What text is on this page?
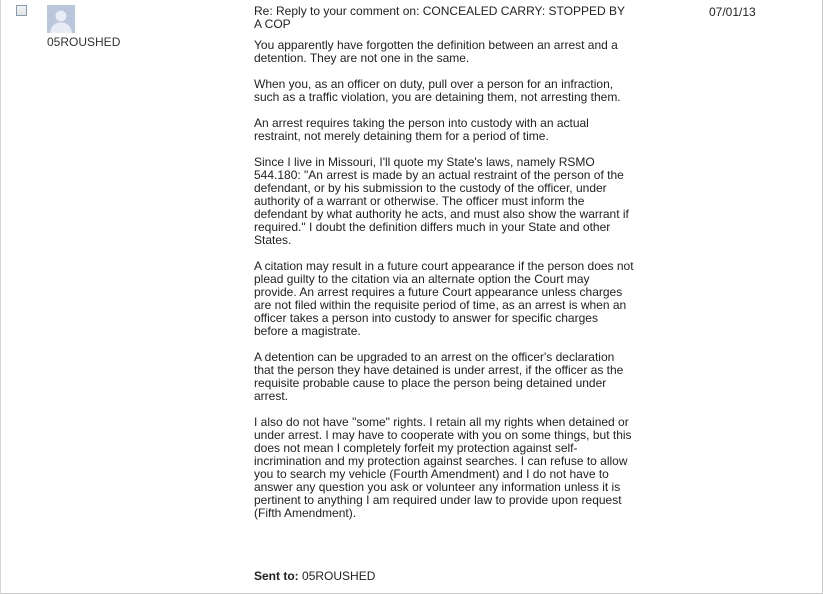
05ROUSHED
Re: Reply to your comment on: CONCEALED CARRY: STOPPED BY A COP
07/01/13

You apparently have forgotten the definition between an arrest and a detention. They are not one in the same.

When you, as an officer on duty, pull over a person for an infraction, such as a traffic violation, you are detaining them, not arresting them.

An arrest requires taking the person into custody with an actual restraint, not merely detaining them for a period of time.

Since I live in Missouri, I'll quote my State's laws, namely RSMO 544.180: "An arrest is made by an actual restraint of the person of the defendant, or by his submission to the custody of the officer, under authority of a warrant or otherwise. The officer must inform the defendant by what authority he acts, and must also show the warrant if required." I doubt the definition differs much in your State and other States.

A citation may result in a future court appearance if the person does not plead guilty to the citation via an alternate option the Court may provide. An arrest requires a future Court appearance unless charges are not filed within the requisite period of time, as an arrest is when an officer takes a person into custody to answer for specific charges before a magistrate.

A detention can be upgraded to an arrest on the officer's declaration that the person they have detained is under arrest, if the officer as the requisite probable cause to place the person being detained under arrest.

I also do not have "some" rights. I retain all my rights when detained or under arrest. I may have to cooperate with you on some things, but this does not mean I completely forfeit my protection against self-incrimination and my protection against searches. I can refuse to allow you to search my vehicle (Fourth Amendment) and I do not have to answer any question you ask or volunteer any information unless it is pertinent to anything I am required under law to provide upon request (Fifth Amendment).

Sent to: 05ROUSHED
